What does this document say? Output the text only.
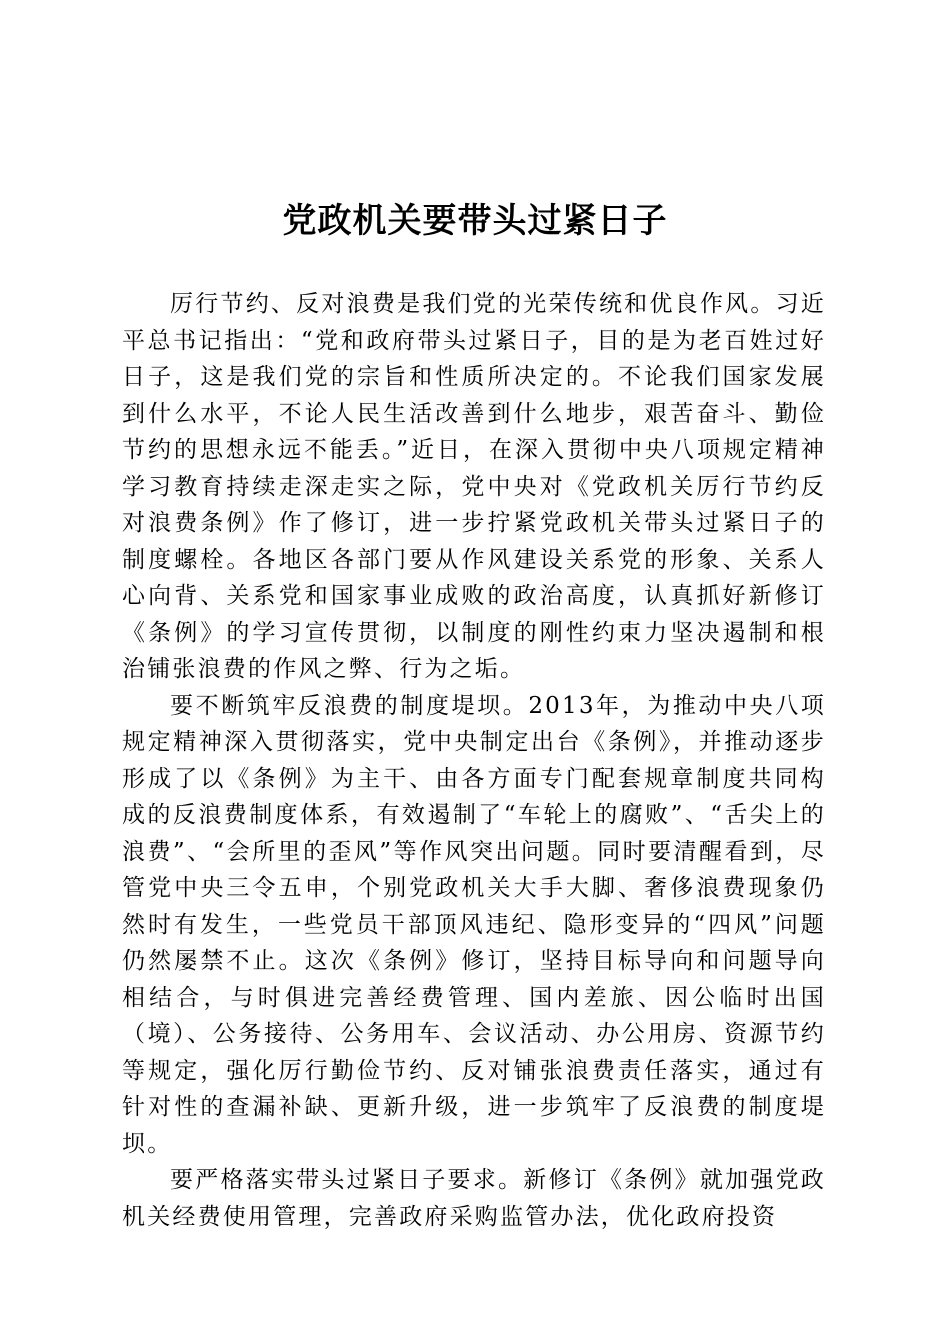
党政机关要带头过紧日子

厉行节约、反对浪费是我们党的光荣传统和优良作风。习近平总书记指出：“党和政府带头过紧日子，目的是为老百姓过好日子，这是我们党的宗旨和性质所决定的。不论我们国家发展到什么水平，不论人民生活改善到什么地步，艰苦奋斗、勤俭节约的思想永远不能丢。”近日，在深入贯彻中央八项规定精神学习教育持续走深走实之际，党中央对《党政机关厉行节约反对浪费条例》作了修订，进一步拧紧党政机关带头过紧日子的制度螺栓。各地区各部门要从作风建设关系党的形象、关系人心向背、关系党和国家事业成败的政治高度，认真抓好新修订《条例》的学习宣传贯彻，以制度的刚性约束力坚决遏制和根治铺张浪费的作风之弊、行为之垢。

要不断筑牢反浪费的制度堤坝。2013年，为推动中央八项规定精神深入贯彻落实，党中央制定出台《条例》，并推动逐步形成了以《条例》为主干、由各方面专门配套规章制度共同构成的反浪费制度体系，有效遏制了“车轮上的腐败”、“舌尖上的浪费”、“会所里的歪风”等作风突出问题。同时要清醒看到，尽管党中央三令五申，个别党政机关大手大脚、奢侈浪费现象仍然时有发生，一些党员干部顶风违纪、隐形变异的“四风”问题仍然屡禁不止。这次《条例》修订，坚持目标导向和问题导向相结合，与时俱进完善经费管理、国内差旅、因公临时出国（境）、公务接待、公务用车、会议活动、办公用房、资源节约等规定，强化厉行勤俭节约、反对铺张浪费责任落实，通过有针对性的查漏补缺、更新升级，进一步筑牢了反浪费的制度堤坝。

要严格落实带头过紧日子要求。新修订《条例》就加强党政机关经费使用管理，完善政府采购监管办法，优化政府投资
